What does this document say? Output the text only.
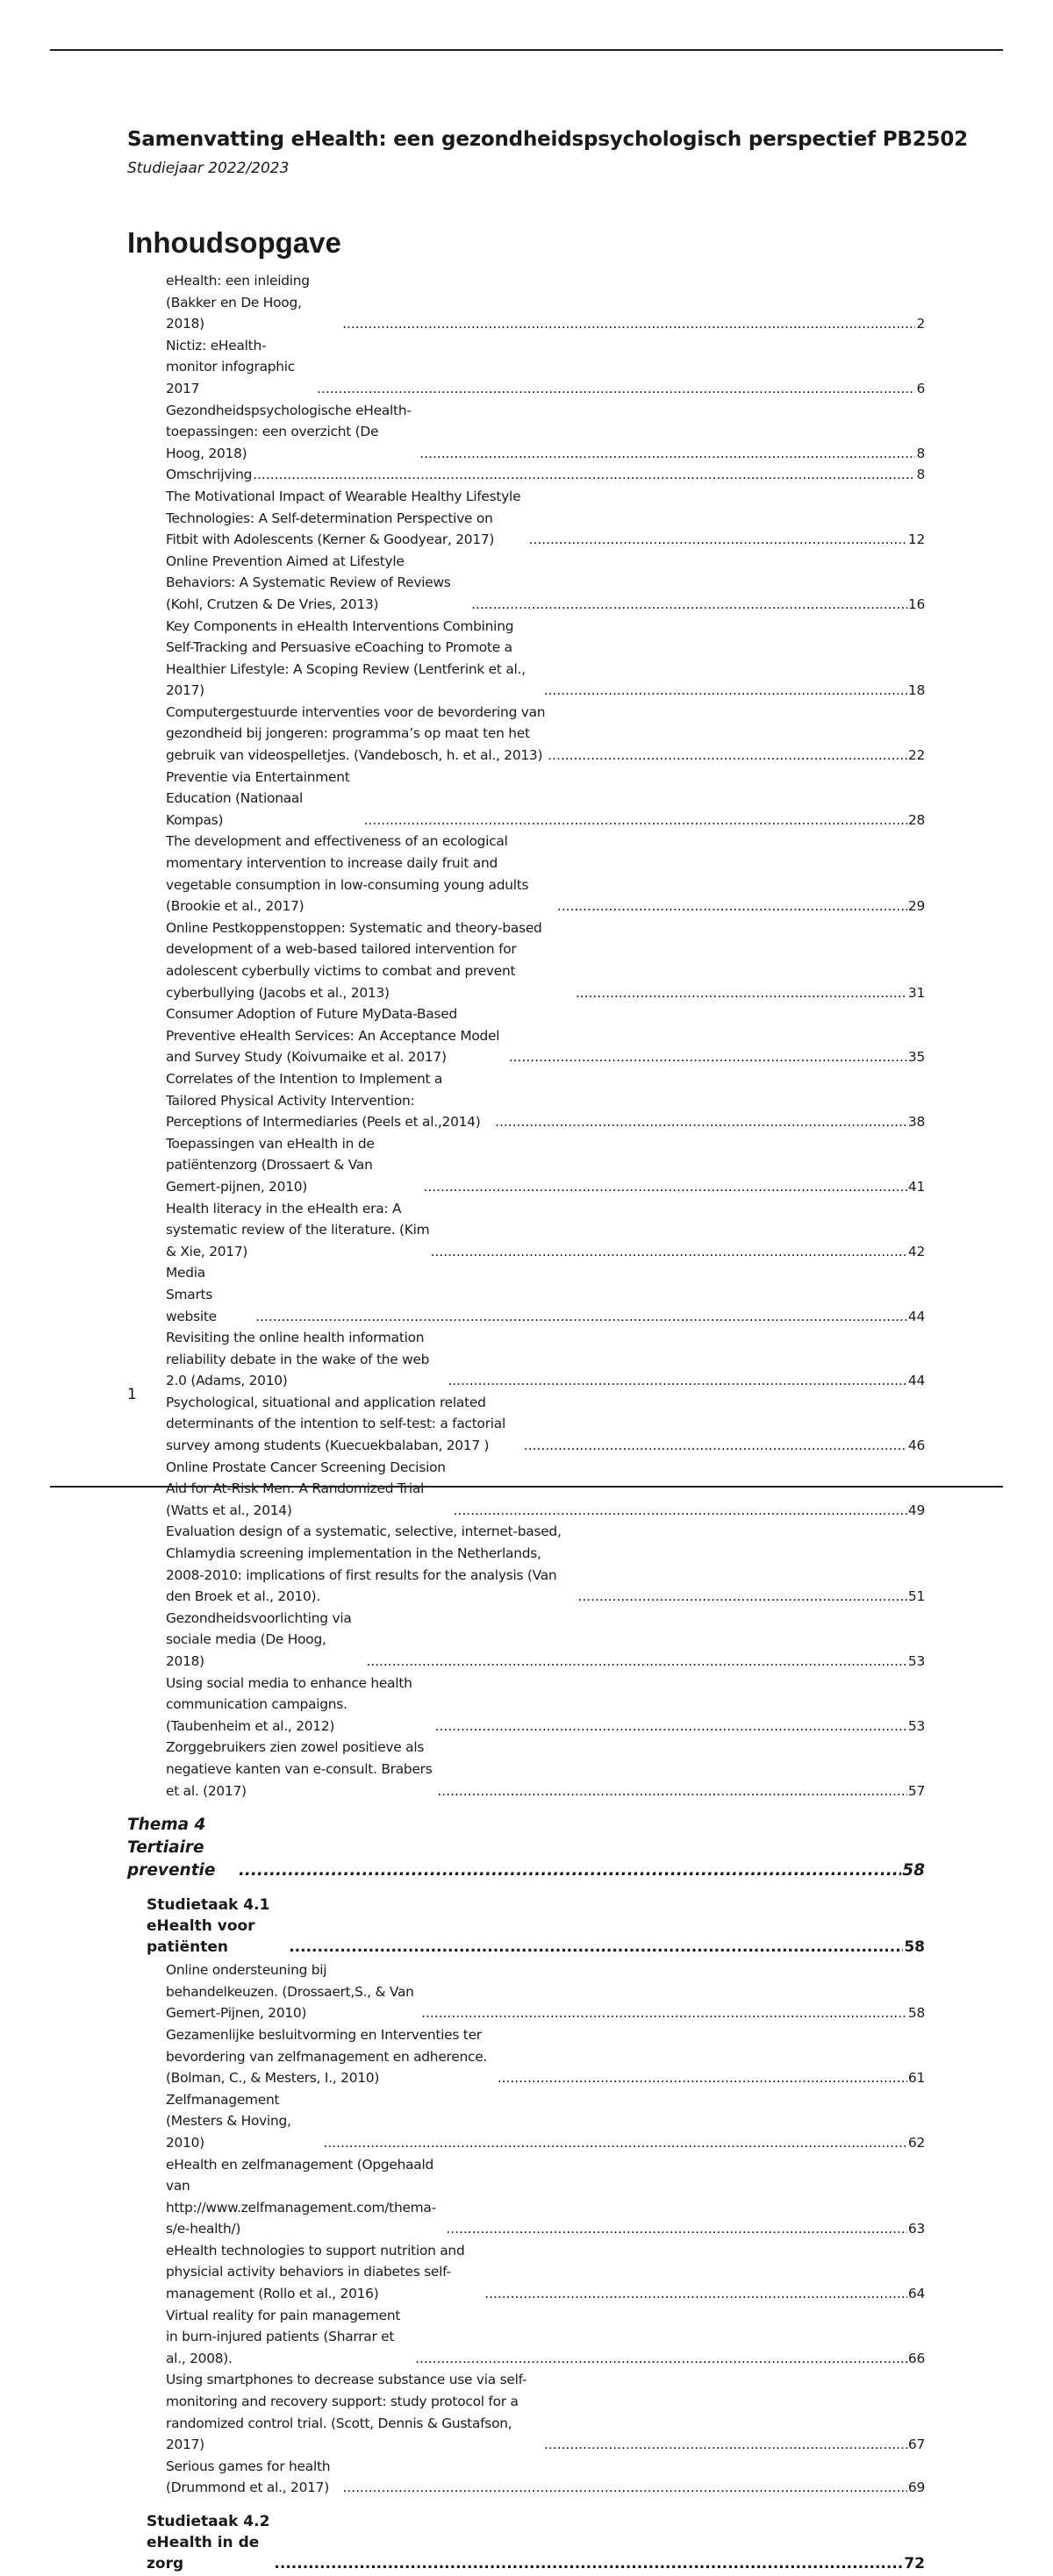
Samenvatting eHealth: een gezondheidspsychologisch perspectief PB2502
Studiejaar 2022/2023
Inhoudsopgave
eHealth: een inleiding (Bakker en De Hoog, 2018) .....	2
Nictiz: eHealth-monitor infographic 2017 .....	6
Gezondheidspsychologische eHealth-toepassingen: een overzicht (De Hoog, 2018) .....	8
Omschrijving .....	8
The Motivational Impact of Wearable Healthy Lifestyle Technologies: A Self-determination Perspective on Fitbit with Adolescents (Kerner & Goodyear, 2017) .....	12
Online Prevention Aimed at Lifestyle Behaviors: A Systematic Review of Reviews (Kohl, Crutzen & De Vries, 2013) .....	16
Key Components in eHealth Interventions Combining Self-Tracking and Persuasive eCoaching to Promote a Healthier Lifestyle: A Scoping Review (Lentferink et al., 2017) .....	18
Computergestuurde interventies voor de bevordering van gezondheid bij jongeren: programma’s op maat ten het gebruik van videospelletjes. (Vandebosch, h. et al., 2013) .....	22
Preventie via Entertainment Education (Nationaal Kompas) .....	28
The development and effectiveness of an ecological momentary intervention to increase daily fruit and vegetable consumption in low-consuming young adults (Brookie et al., 2017) .....	29
Online Pestkoppenstoppen: Systematic and theory-based development of a web-based tailored intervention for adolescent cyberbully victims to combat and prevent cyberbullying (Jacobs et al., 2013) .....	31
Consumer Adoption of Future MyData-Based Preventive eHealth Services: An Acceptance Model and Survey Study (Koivumaike et al. 2017) .....	35
Correlates of the Intention to Implement a Tailored Physical Activity Intervention: Perceptions of Intermediaries (Peels et al.,2014) .....	38
Toepassingen van eHealth in de patiëntenzorg (Drossaert & Van Gemert-pijnen, 2010) .....	41
Health literacy in the eHealth era: A systematic review of the literature. (Kim & Xie, 2017) .....	42
Media Smarts website .....	44
Revisiting the online health information reliability debate in the wake of the web 2.0 (Adams, 2010) .....	44
Psychological, situational and application related determinants of the intention to self-test: a factorial survey among students (Kuecuekbalaban, 2017 ) .....	46
Online Prostate Cancer Screening Decision Aid for At-Risk Men: A Randomized Trial (Watts et al., 2014) .....	49
Evaluation design of a systematic, selective, internet-based, Chlamydia screening implementation in the Netherlands, 2008-2010: implications of first results for the analysis (Van den Broek et al., 2010). .....	51
Gezondheidsvoorlichting via sociale media (De Hoog, 2018) .....	53
Using social media to enhance health communication campaigns. (Taubenheim et al., 2012) .....	53
Zorggebruikers zien zowel positieve als negatieve kanten van e-consult. Brabers et al. (2017) .....	57
Thema 4 Tertiaire preventie .....	58
Studietaak 4.1 eHealth voor patiënten .....	58
Online ondersteuning bij behandelkeuzen. (Drossaert,S., & Van Gemert-Pijnen, 2010) .....	58
Gezamenlijke besluitvorming en Interventies ter bevordering van zelfmanagement en adherence. (Bolman, C., & Mesters, I., 2010) .....	61
Zelfmanagement (Mesters & Hoving, 2010) .....	62
eHealth en zelfmanagement (Opgehaald van http://www.zelfmanagement.com/thema-s/e-health/) .....	63
eHealth technologies to support nutrition and physicial activity behaviors in diabetes self-management (Rollo et al., 2016) .....	64
Virtual reality for pain management in burn-injured patients (Sharrar et al., 2008). .....	66
Using smartphones to decrease substance use via self-monitoring and recovery support: study protocol for a randomized control trial. (Scott, Dennis & Gustafson, 2017) .....	67
Serious games for health (Drummond et al., 2017) .....	69
Studietaak 4.2 eHealth in de zorg .....	72
1
